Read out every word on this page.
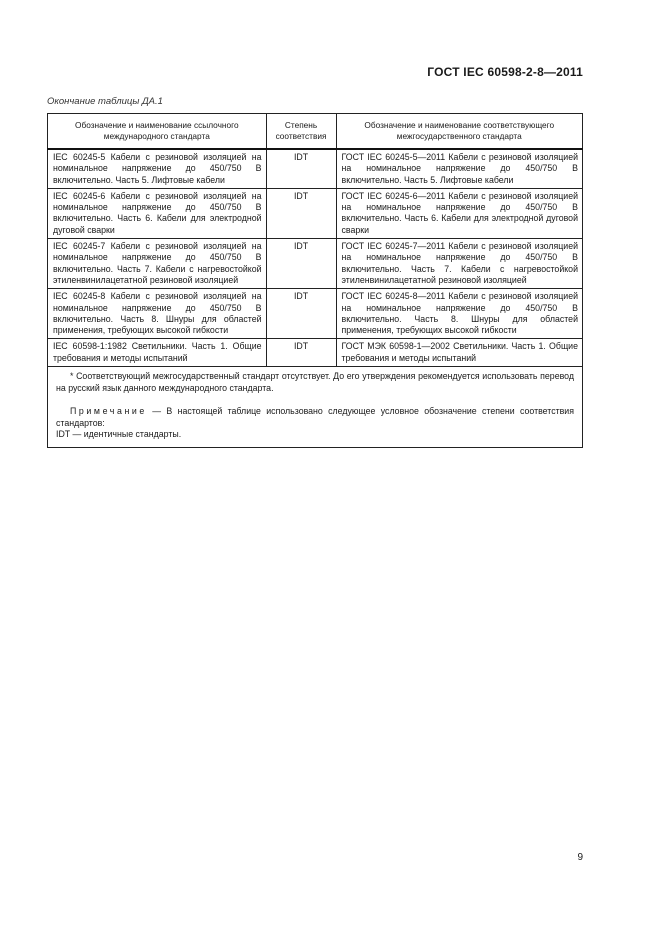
ГОСТ IEC 60598-2-8—2011
Окончание таблицы ДА.1
Обозначение и наименование ссылочного международного стандарта	Степень соответствия	Обозначение и наименование соответствующего межгосударственного стандарта
IEC 60245-5 Кабели с резиновой изоляцией на номинальное напряжение до 450/750 В включительно. Часть 5. Лифтовые кабели	IDT	ГОСТ IEC 60245-5—2011 Кабели с резиновой изоляцией на номинальное напряжение до 450/750 В включительно. Часть 5. Лифтовые кабели
IEC 60245-6 Кабели с резиновой изоляцией на номинальное напряжение до 450/750 В включительно. Часть 6. Кабели для электродной дуговой сварки	IDT	ГОСТ IEC 60245-6—2011 Кабели с резиновой изоляцией на номинальное напряжение до 450/750 В включительно. Часть 6. Кабели для электродной дуговой сварки
IEC 60245-7 Кабели с резиновой изоляцией на номинальное напряжение до 450/750 В включительно. Часть 7. Кабели с нагревостойкой этиленвинилацетатной резиновой изоляцией	IDT	ГОСТ IEC 60245-7—2011 Кабели с резиновой изоляцией на номинальное напряжение до 450/750 В включительно. Часть 7. Кабели с нагревостойкой этиленвинилацетатной резиновой изоляцией
IEC 60245-8 Кабели с резиновой изоляцией на номинальное напряжение до 450/750 В включительно. Часть 8. Шнуры для областей применения, требующих высокой гибкости	IDT	ГОСТ IEC 60245-8—2011 Кабели с резиновой изоляцией на номинальное напряжение до 450/750 В включительно. Часть 8. Шнуры для областей применения, требующих высокой гибкости
IEC 60598-1:1982 Светильники. Часть 1. Общие требования и методы испытаний	IDT	ГОСТ МЭК 60598-1—2002 Светильники. Часть 1. Общие требования и методы испытаний

* Соответствующий межгосударственный стандарт отсутствует. До его утверждения рекомендуется использовать перевод на русский язык данного международного стандарта.
Примечание — В настоящей таблице использовано следующее условное обозначение степени соответствия стандартов:
IDT — идентичные стандарты.		
9
